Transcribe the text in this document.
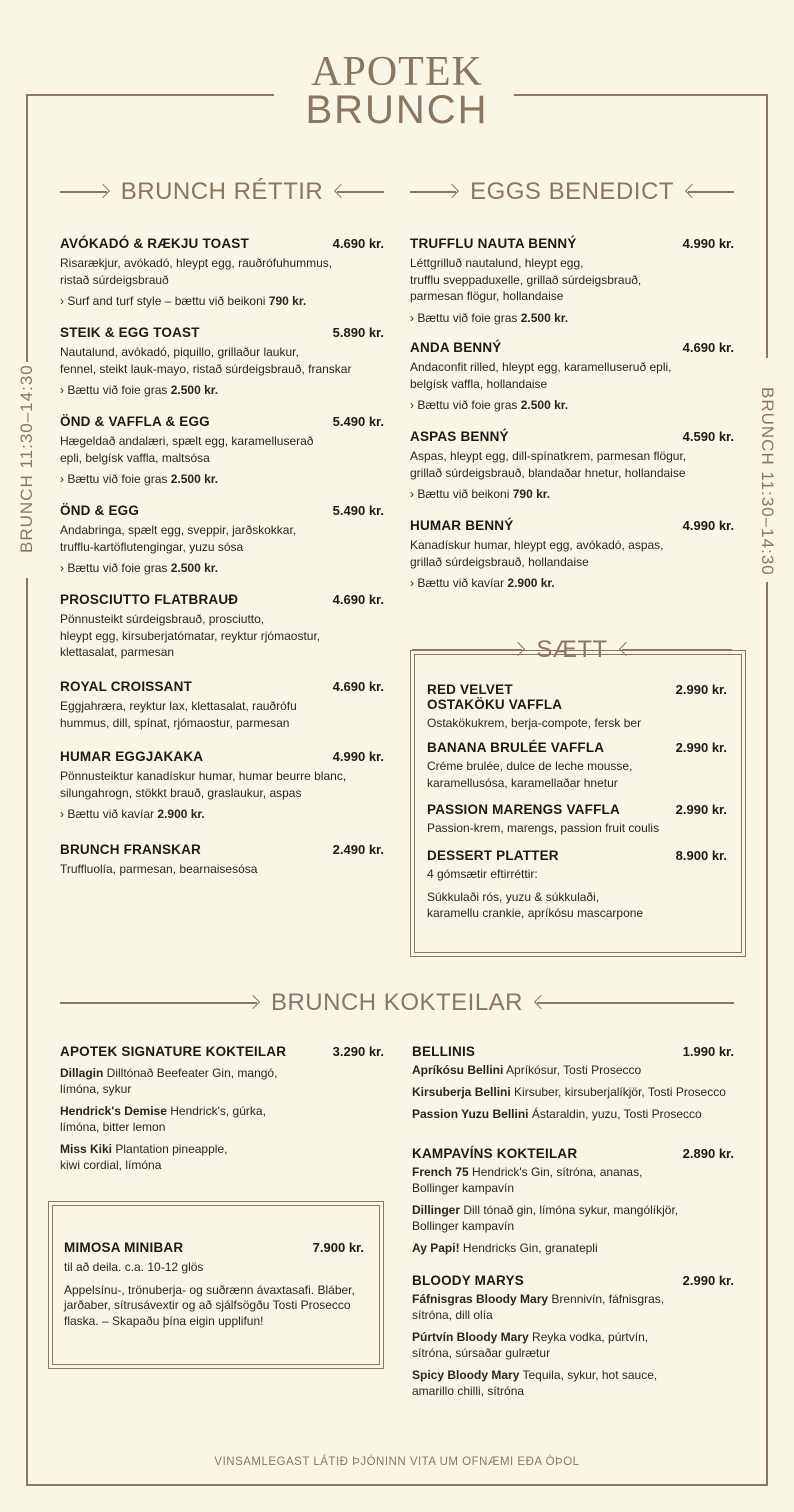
APOTEK
BRUNCH
BRUNCH 11:30–14:30	BRUNCH 11:30–14:30
BRUNCH RÉTTIR	EGGS BENEDICT
SÆTT
BRUNCH KOKTEILAR
AVÓKADÓ & RÆKJU TOAST	4.690 kr.
Risarækjur, avókadó, hleypt egg, rauðrófuhummus,
ristað súrdeigsbrauð
› Surf and turf style – bættu við beikoni 790 kr.
STEIK & EGG TOAST	5.890 kr.
Nautalund, avókadó, piquillo, grillaður laukur,
fennel, steikt lauk-mayo, ristað súrdeigsbrauð, franskar
› Bættu við foie gras 2.500 kr.
ÖND & VAFFLA & EGG	5.490 kr.
Hægeldað andalæri, spælt egg, karamelluserað
epli, belgísk vaffla, maltsósa
› Bættu við foie gras 2.500 kr.
ÖND & EGG	5.490 kr.
Andabringa, spælt egg, sveppir, jarðskokkar,
trufflu-kartöflutengingar, yuzu sósa
› Bættu við foie gras 2.500 kr.
PROSCIUTTO FLATBRAUÐ	4.690 kr.
Pönnusteikt súrdeigsbrauð, prosciutto,
hleypt egg, kirsuberjatómatar, reyktur rjómaostur,
klettasalat, parmesan
ROYAL CROISSANT	4.690 kr.
Eggjahræra, reyktur lax, klettasalat, rauðrófu
hummus, dill, spínat, rjómaostur, parmesan
HUMAR EGGJAKAKA	4.990 kr.
Pönnusteiktur kanadískur humar, humar beurre blanc,
silungahrogn, stökkt brauð, graslaukur, aspas
› Bættu við kavíar 2.900 kr.
BRUNCH FRANSKAR	2.490 kr.
Truffluolía, parmesan, bearnaisesósa
TRUFFLU NAUTA BENNÝ	4.990 kr.
Léttgrilluð nautalund, hleypt egg,
trufflu sveppaduxelle, grillað súrdeigsbrauð,
parmesan flögur, hollandaise
› Bættu við foie gras 2.500 kr.
ANDA BENNÝ	4.690 kr.
Andaconfit rilled, hleypt egg, karamelluseruð epli,
belgísk vaffla, hollandaise
› Bættu við foie gras 2.500 kr.
ASPAS BENNÝ	4.590 kr.
Aspas, hleypt egg, dill-spínatkrem, parmesan flögur,
grillað súrdeigsbrauð, blandaðar hnetur, hollandaise
› Bættu við beikoni 790 kr.
HUMAR BENNÝ	4.990 kr.
Kanadískur humar, hleypt egg, avókadó, aspas,
grillað súrdeigsbrauð, hollandaise
› Bættu við kavíar 2.900 kr.
RED VELVET
OSTAKÖKU VAFFLA
2.990 kr.
Ostakökukrem, berja-compote, fersk ber
BANANA BRULÉE VAFFLA	2.990 kr.
Créme brulée, dulce de leche mousse,
karamellusósa, karamellaðar hnetur
PASSION MARENGS VAFFLA	2.990 kr.
Passion-krem, marengs, passion fruit coulis
DESSERT PLATTER	8.900 kr.
4 gómsætir eftirréttir:
Súkkulaði rós, yuzu & súkkulaði,
karamellu crankie, apríkósu mascarpone
APOTEK SIGNATURE KOKTEILAR	3.290 kr.
Dillagin Dilltónað Beefeater Gin, mangó,
límóna, sykur
Hendrick's Demise Hendrick's, gúrka,
límóna, bitter lemon
Miss Kiki Plantation pineapple,
kiwi cordial, límóna
MIMOSA MINIBAR	7.900 kr.
til að deila. c.a. 10-12 glös
Appelsínu-, trönuberja- og suðrænn ávaxtasafi. Bláber,
jarðaber, sítrusávextir og að sjálfsögðu Tosti Prosecco
flaska. – Skapaðu þína eigin upplifun!
BELLINIS	1.990 kr.
Apríkósu Bellini Apríkósur, Tosti Prosecco
Kirsuberja Bellini Kirsuber, kirsuberjalíkjör, Tosti Prosecco
Passion Yuzu Bellini Ástaraldin, yuzu, Tosti Prosecco
KAMPAVÍNS KOKTEILAR	2.890 kr.
French 75 Hendrick's Gin, sítróna, ananas,
Bollinger kampavín
Dillinger Dill tónað gin, límóna sykur, mangólíkjör,
Bollinger kampavín
Ay Papi! Hendricks Gin, granatepli
BLOODY MARYS	2.990 kr.
Fáfnisgras Bloody Mary Brennivín, fáfnisgras,
sítróna, dill olía
Púrtvín Bloody Mary Reyka vodka, púrtvín,
sítróna, súrsaðar gulrætur
Spicy Bloody Mary Tequila, sykur, hot sauce,
amarillo chilli, sítróna
VINSAMLEGAST LÁTIÐ ÞJÓNINN VITA UM OFNÆMI EÐA ÓÞOL
